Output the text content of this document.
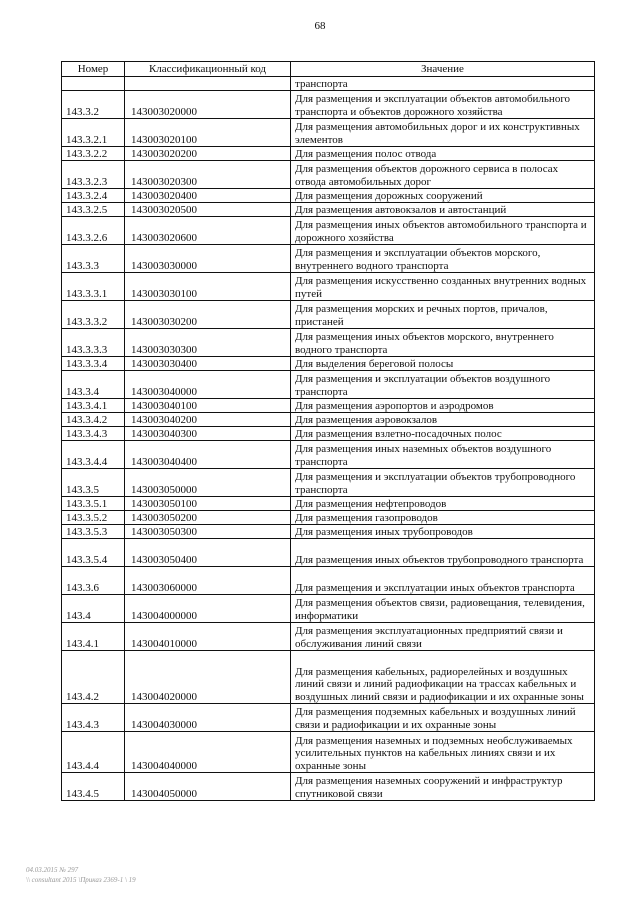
68
Номер	Классификационный код	Значение
		транспорта
143.3.2	143003020000	Для размещения и эксплуатации объектов автомобильного транспорта и объектов дорожного хозяйства
143.3.2.1	143003020100	Для размещения автомобильных дорог и их конструктивных элементов
143.3.2.2	143003020200	Для размещения полос отвода
143.3.2.3	143003020300	Для размещения объектов дорожного сервиса в полосах отвода автомобильных дорог
143.3.2.4	143003020400	Для размещения дорожных сооружений
143.3.2.5	143003020500	Для размещения автовокзалов и автостанций
143.3.2.6	143003020600	Для размещения иных объектов автомобильного транспорта и дорожного хозяйства
143.3.3	143003030000	Для размещения и эксплуатации объектов морского, внутреннего водного транспорта
143.3.3.1	143003030100	Для размещения искусственно созданных внутренних водных путей
143.3.3.2	143003030200	Для размещения морских и речных портов, причалов, пристаней
143.3.3.3	143003030300	Для размещения иных объектов морского, внутреннего водного транспорта
143.3.3.4	143003030400	Для выделения береговой полосы
143.3.4	143003040000	Для размещения и эксплуатации объектов воздушного транспорта
143.3.4.1	143003040100	Для размещения аэропортов и аэродромов
143.3.4.2	143003040200	Для размещения аэровокзалов
143.3.4.3	143003040300	Для размещения взлетно-посадочных полос
143.3.4.4	143003040400	Для размещения иных наземных объектов воздушного транспорта
143.3.5	143003050000	Для размещения и эксплуатации объектов трубопроводного транспорта
143.3.5.1	143003050100	Для размещения нефтепроводов
143.3.5.2	143003050200	Для размещения газопроводов
143.3.5.3	143003050300	Для размещения иных трубопроводов
143.3.5.4	143003050400	Для размещения иных объектов трубопроводного транспорта
143.3.6	143003060000	Для размещения и эксплуатации иных объектов транспорта
143.4	143004000000	Для размещения объектов связи, радиовещания, телевидения, информатики
143.4.1	143004010000	Для размещения эксплуатационных предприятий связи и обслуживания линий связи
143.4.2	143004020000	Для размещения кабельных, радиорелейных и воздушных линий связи и линий радиофикации на трассах кабельных и воздушных линий связи и радиофикации и их охранные зоны
143.4.3	143004030000	Для размещения подземных кабельных и воздушных линий связи и радиофикации и их охранные зоны
143.4.4	143004040000	Для размещения наземных и подземных необслуживаемых усилительных пунктов на кабельных линиях связи и их охранные зоны
143.4.5	143004050000	Для размещения наземных сооружений и инфраструктур спутниковой связи
04.03.2015 № 297
\\ consultant 2015 \Приказ 2369-1 \ 19
